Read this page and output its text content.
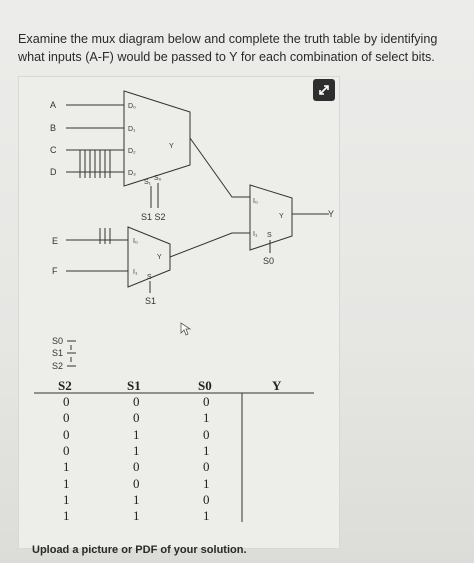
Examine the mux diagram below and complete the truth table by identifying what inputs (A-F) would be passed to Y for each combination of select bits.
A
B
C
D
D₀
D₁
D₂
D₃
Y
S₁
S₀
S1 S2
E
F
I₀
I₁
Y
S
S1
I₀
I₁
Y
S
Y
S0
S0
S1
S2
S2	S1	S0	Y
0	0	0
0	0	1
0	1	0
0	1	1
1	0	0
1	0	1
1	1	0
1	1	1
Upload a picture or PDF of your solution.
